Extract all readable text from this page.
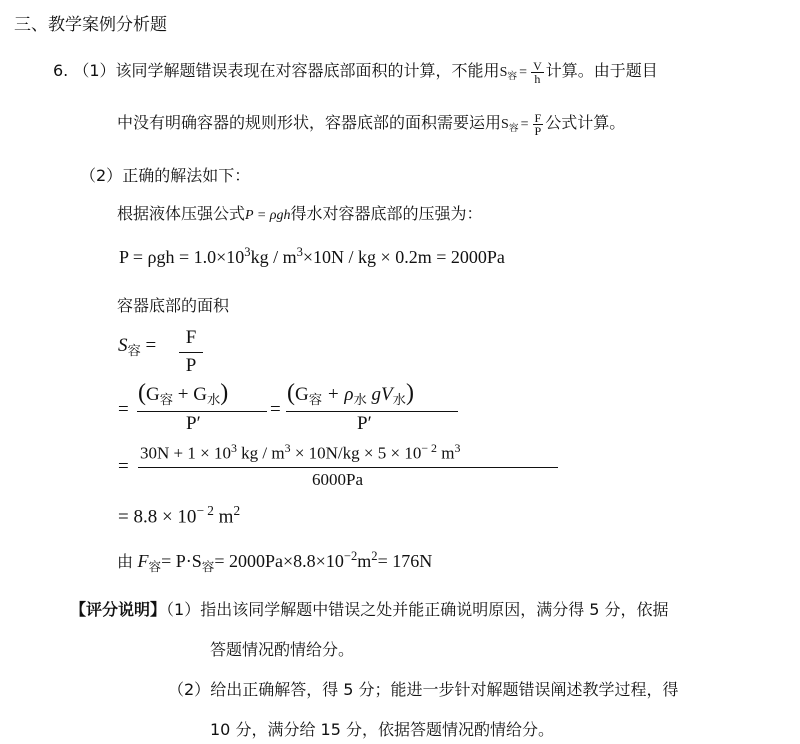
三、教学案例分析题
6. （1）该同学解题错误表现在对容器底部面积的计算，不能用$S_容 = \frac{V}{h}$ 计算。由于题目
中没有明确容器的规则形状，容器底部的面积需要运用$S_容 = \frac{F}{P}$ 公式计算。
（2）正确的解法如下：
根据液体压强公式P = ρgh得水对容器底部的压强为：
$P = \rho gh = 1.0\times 10^3kg / m^3\times 10N$ / kg × 0.2m = 2000Pa
容器底部的面积
$S_容$ =	F
P
=
$(G_容 + G_水)$
P′
=
($G_容 + \rho_水$ $gV_水$)
P′
=
$30N + 1 \times 10^3$ kg / $m^3 \times 10N/kg \times 5 \times 10^{- 2}$ $m^3$
6000Pa
= $8.8 \times 10^{- 2}$ $m^2$
由 $F_容= P\cdot S_容= 2000Pa\times 8.8\times 10^{-2}m^2= 176N$
【评分说明】（1）指出该同学解题中错误之处并能正确说明原因，满分得 5 分，依据
答题情况酌情给分。
（2）给出正确解答，得 5 分；能进一步针对解题错误阐述教学过程，得
10 分，满分给 15 分，依据答题情况酌情给分。
